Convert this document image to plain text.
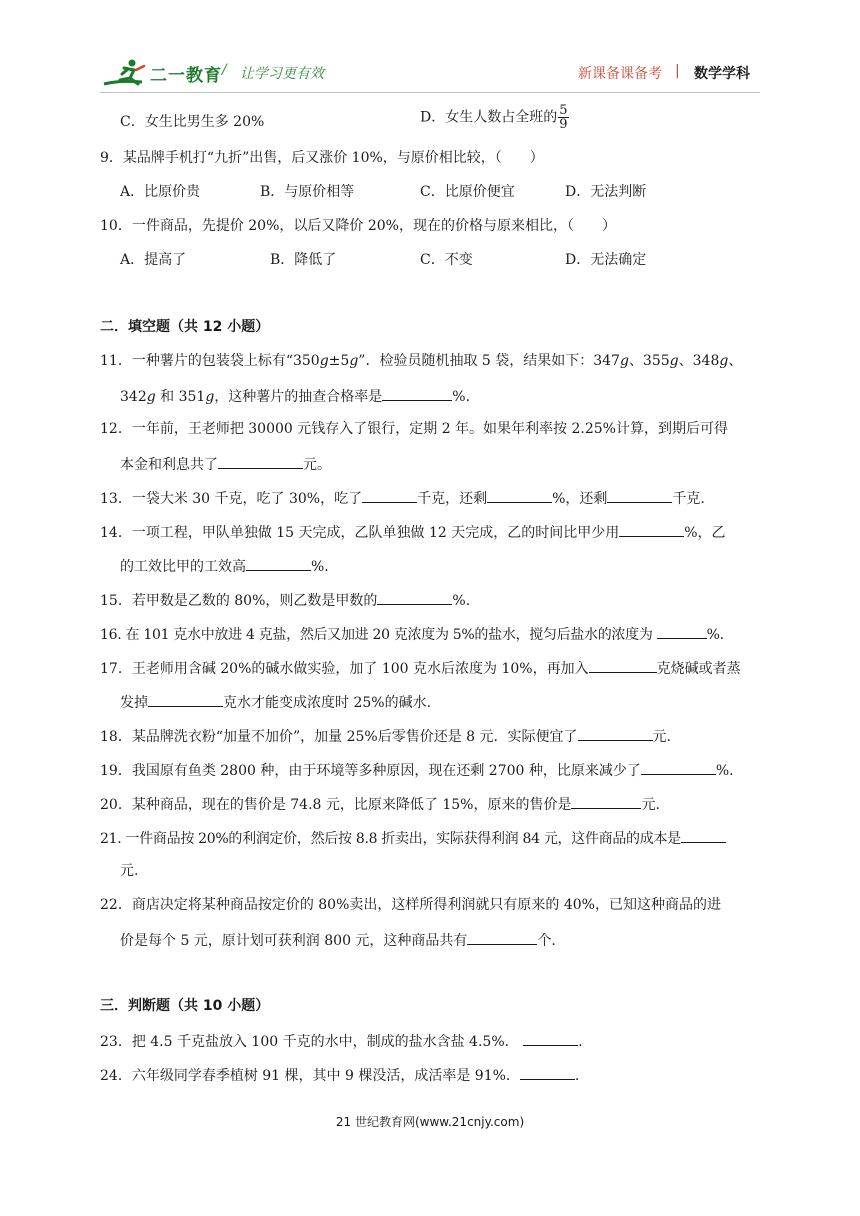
二一教育 / 让学习更有效	新课备课备考 | 数学学科
C．女生比男生多 20%	D．女生人数占全班的 $\frac{5}{9}$
9．某品牌手机打“九折”出售，后又涨价 10%，与原价相比较，（　　）
A．比原价贵	B．与原价相等	C．比原价便宜	D．无法判断
10．一件商品，先提价 20%，以后又降价 20%，现在的价格与原来相比，（　　）
A．提高了	B．降低了	C．不变	D．无法确定
二．填空题（共 12 小题）
11．一种薯片的包装袋上标有“350g±5g”．检验员随机抽取 5 袋，结果如下：347g、355g、348g、
342g 和 351g，这种薯片的抽查合格率是	%.
12．一年前，王老师把 30000 元钱存入了银行，定期 2 年。如果年利率按 2.25%计算，到期后可得
本金和利息共了	元。
13．一袋大米 30 千克，吃了 30%，吃了	千克，还剩	%，还剩	千克.
14．一项工程，甲队单独做 15 天完成，乙队单独做 12 天完成，乙的时间比甲少用	%，乙
的工效比甲的工效高	%.
15．若甲数是乙数的 80%，则乙数是甲数的	%.
16. 在 101 克水中放进 4 克盐，然后又加进 20 克浓度为 5%的盐水，搅匀后盐水的浓度为	%.
17．王老师用含碱 20%的碱水做实验，加了 100 克水后浓度为 10%，再加入	克烧碱或者蒸
发掉	克水才能变成浓度时 25%的碱水.
18．某品牌洗衣粉“加量不加价”，加量 25%后零售价还是 8 元．实际便宜了	元.
19．我国原有鱼类 2800 种，由于环境等多种原因，现在还剩 2700 种，比原来减少了	%.
20．某种商品，现在的售价是 74.8 元，比原来降低了 15%，原来的售价是	元.
21. 一件商品按 20%的利润定价，然后按 8.8 折卖出，实际获得利润 84 元，这件商品的成本是
元.
22．商店决定将某种商品按定价的 80%卖出，这样所得利润就只有原来的 40%，已知这种商品的进
价是每个 5 元，原计划可获利润 800 元，这种商品共有	个.
三．判断题（共 10 小题）
23．把 4.5 千克盐放入 100 千克的水中，制成的盐水含盐 4.5%．	.
24．六年级同学春季植树 91 棵，其中 9 棵没活，成活率是 91%．	.
21 世纪教育网(www.21cnjy.com)
